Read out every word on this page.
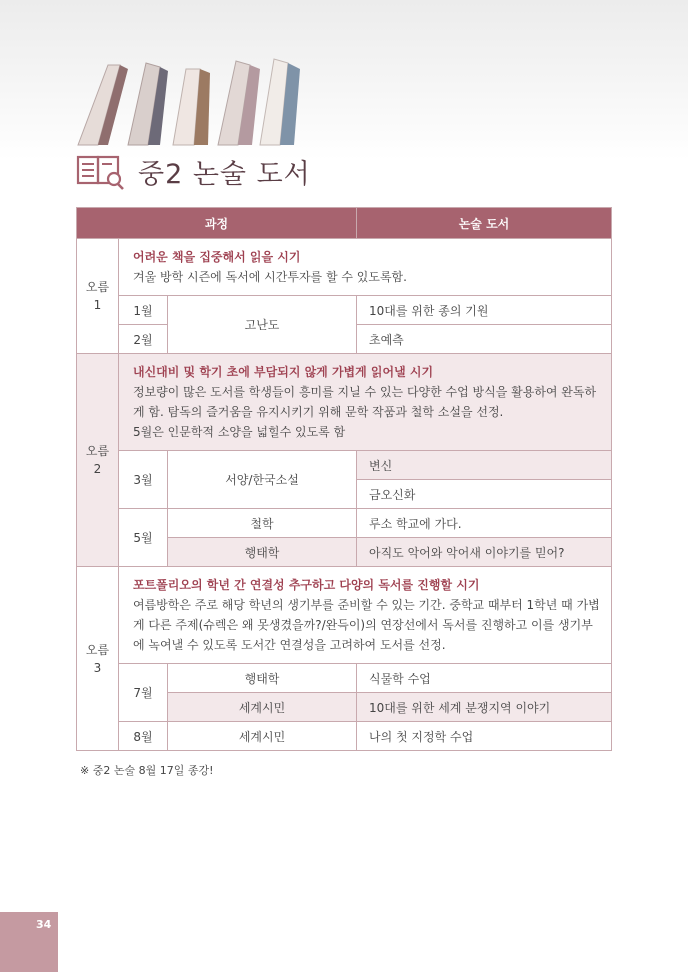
중2 논술 도서
과정			논술 도서

오름
1	어려운 책을 집중해서 읽을 시기
겨울 방학 시즌에 독서에 시간투자를 할 수 있도록함.		

	1월	고난도	10대를 위한 종의 기원
	2월		초예측

오름
2	내신대비 및 학기 초에 부담되지 않게 가볍게 읽어낼 시기
정보량이 많은 도서를 학생들이 흥미를 지닐 수 있는 다양한 수업 방식을 활용하여 완독하게 함. 탐독의 즐거움을 유지시키기 위해 문학 작품과 철학 소설을 선정.
5월은 인문학적 소양을 넓힐수 있도록 함		

	3월	서양/한국소설	변신
			금오신화
	5월	철학	루소 학교에 가다.
		행태학	아직도 악어와 악어새 이야기를 믿어?

오름
3	포트폴리오의 학년 간 연결성 추구하고 다양의 독서를 진행할 시기
여름방학은 주로 해당 학년의 생기부를 준비할 수 있는 기간. 중학교 때부터 1학년 때 가볍게 다른 주제(슈렉은 왜 못생겼을까?/완득이)의 연장선에서 독서를 진행하고 이를 생기부에 녹여낼 수 있도록 도서간 연결성을 고려하여 도서를 선정.		

	7월	행태학	식물학 수업
		세계시민	10대를 위한 세계 분쟁지역 이야기
	8월	세계시민	나의 첫 지정학 수업
※ 중2 논술 8월 17일 종강!
34
